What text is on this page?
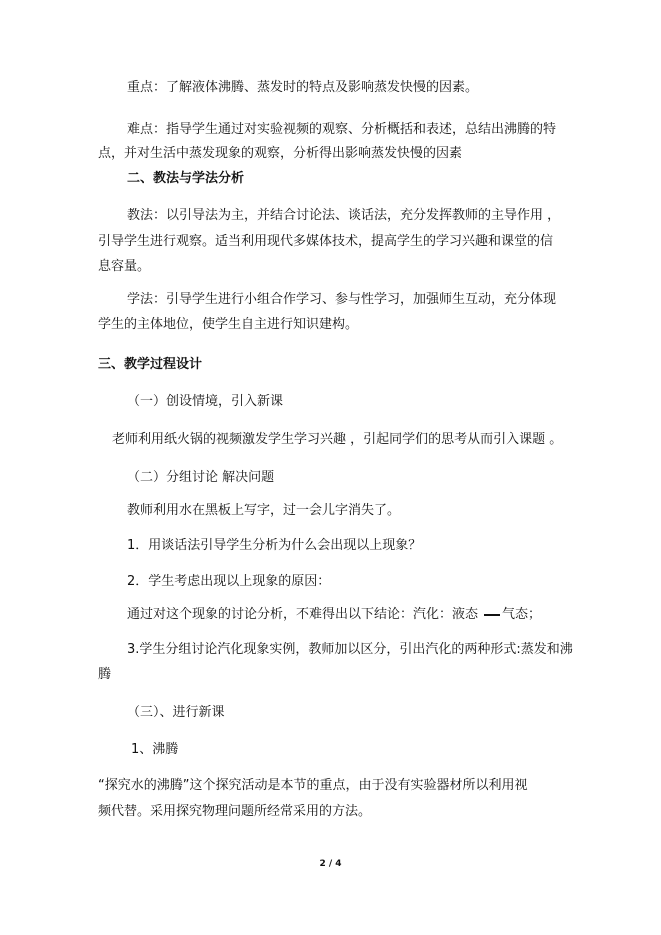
重点：了解液体沸腾、蒸发时的特点及影响蒸发快慢的因素。
难点：指导学生通过对实验视频的观察、分析概括和表述，总结出沸腾的特
点，并对生活中蒸发现象的观察，分析得出影响蒸发快慢的因素
二、教法与学法分析
教法：以引导法为主，并结合讨论法、谈话法，充分发挥教师的主导作用 ，
引导学生进行观察。适当利用现代多媒体技术，提高学生的学习兴趣和课堂的信
息容量。
学法：引导学生进行小组合作学习、参与性学习，加强师生互动，充分体现
学生的主体地位，使学生自主进行知识建构。
三、教学过程设计
（一）创设情境，引入新课
老师利用纸火锅的视频激发学生学习兴趣 ，引起同学们的思考从而引入课题 。
（二）分组讨论 解决问题
教师利用水在黑板上写字，过一会儿字消失了。
1．用谈话法引导学生分析为什么会出现以上现象？
2．学生考虑出现以上现象的原因：
通过对这个现象的讨论分析，不难得出以下结论：汽化：液态 气态；
3.学生分组讨论汽化现象实例，教师加以区分，引出汽化的两种形式:蒸发和沸
腾
（三）、进行新课
1、沸腾
“探究水的沸腾”这个探究活动是本节的重点，由于没有实验器材所以利用视
频代替。采用探究物理问题所经常采用的方法。
2 / 4
